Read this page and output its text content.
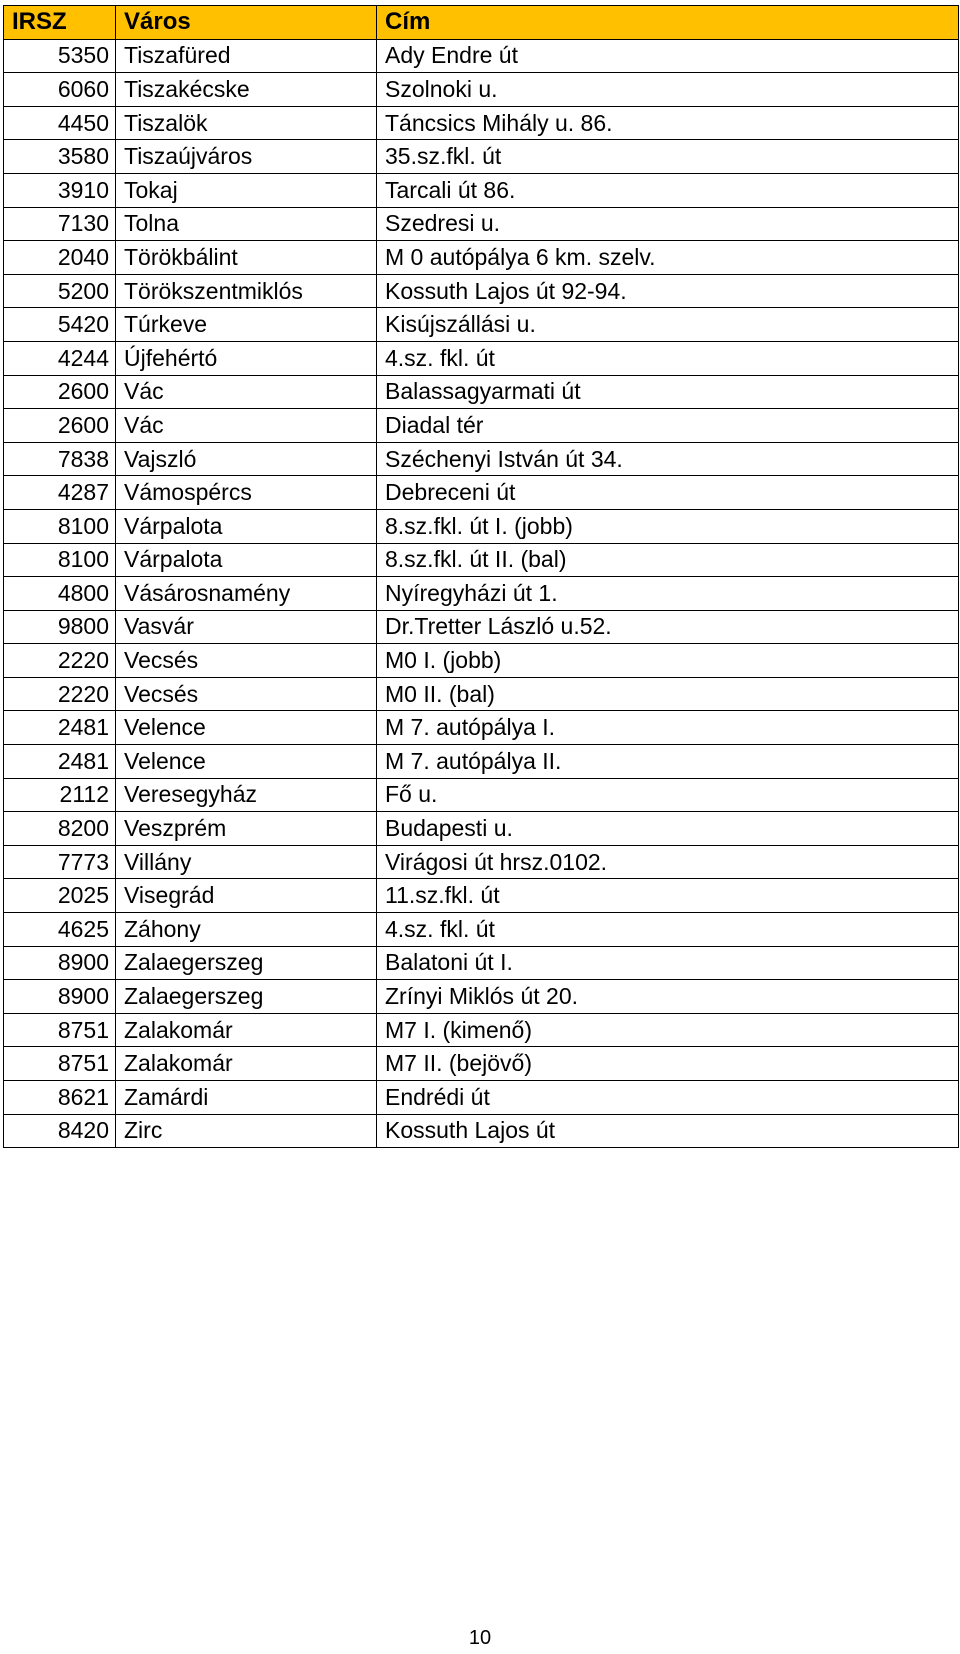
IRSZ	Város	Cím
5350	Tiszafüred	Ady Endre út
6060	Tiszakécske	Szolnoki u.
4450	Tiszalök	Táncsics Mihály u. 86.
3580	Tiszaújváros	35.sz.fkl. út
3910	Tokaj	Tarcali út 86.
7130	Tolna	Szedresi u.
2040	Törökbálint	M 0 autópálya 6 km. szelv.
5200	Törökszentmiklós	Kossuth Lajos út 92-94.
5420	Túrkeve	Kisújszállási u.
4244	Újfehértó	4.sz. fkl. út
2600	Vác	Balassagyarmati út
2600	Vác	Diadal tér
7838	Vajszló	Széchenyi István út 34.
4287	Vámospércs	Debreceni út
8100	Várpalota	8.sz.fkl. út I. (jobb)
8100	Várpalota	8.sz.fkl. út II. (bal)
4800	Vásárosnamény	Nyíregyházi út 1.
9800	Vasvár	Dr.Tretter László u.52.
2220	Vecsés	M0 I. (jobb)
2220	Vecsés	M0 II. (bal)
2481	Velence	M 7. autópálya I.
2481	Velence	M 7. autópálya II.
2112	Veresegyház	Fő u.
8200	Veszprém	Budapesti u.
7773	Villány	Virágosi út hrsz.0102.
2025	Visegrád	11.sz.fkl. út
4625	Záhony	4.sz. fkl. út
8900	Zalaegerszeg	Balatoni út I.
8900	Zalaegerszeg	Zrínyi Miklós út 20.
8751	Zalakomár	M7 I. (kimenő)
8751	Zalakomár	M7 II. (bejövő)
8621	Zamárdi	Endrédi út
8420	Zirc	Kossuth Lajos út
10
